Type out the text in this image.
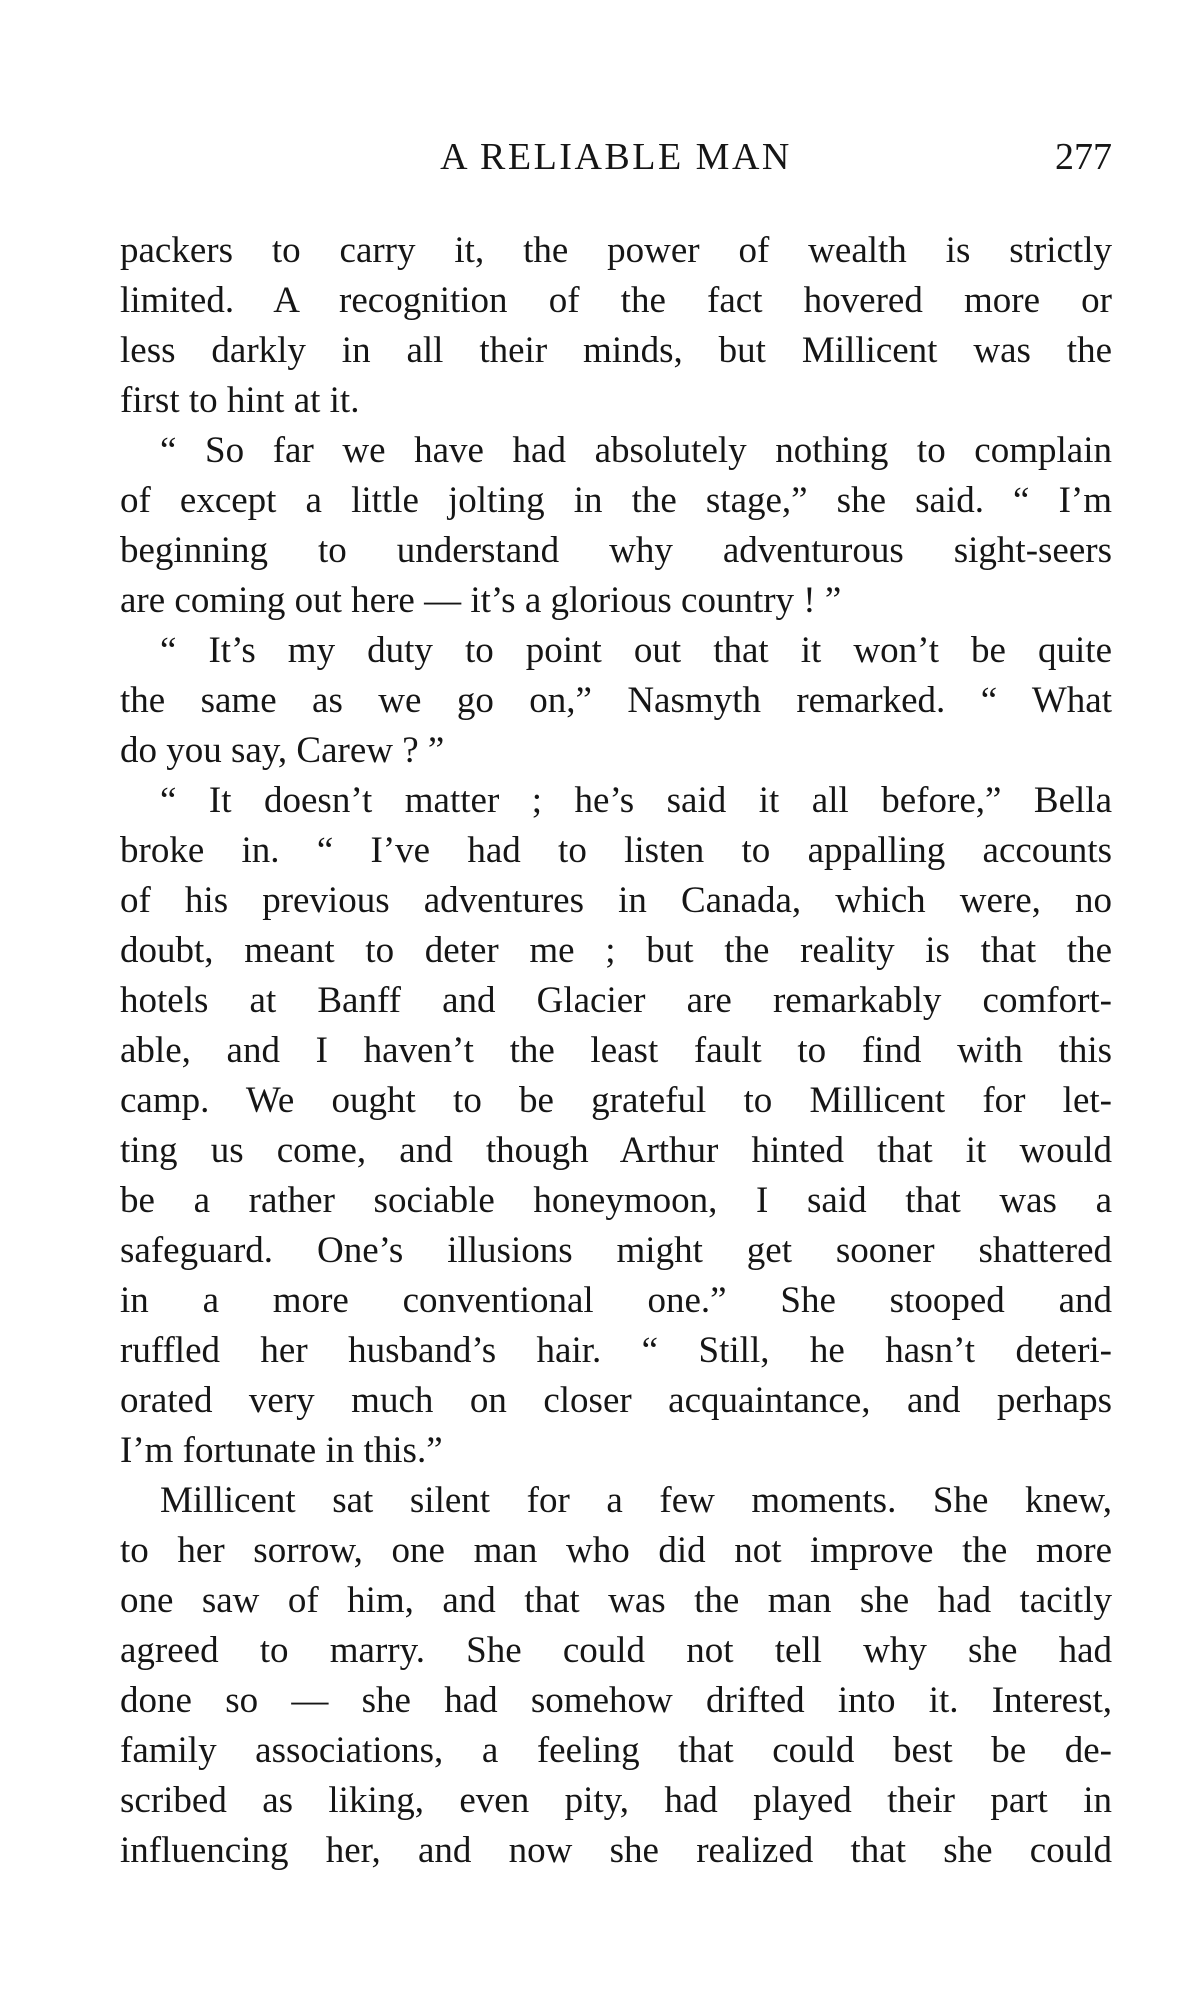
A RELIABLE MAN	277
packers to carry it, the power of wealth is strictly
limited. A recognition of the fact hovered more or
less darkly in all their minds, but Millicent was the
first to hint at it.
“ So far we have had absolutely nothing to complain
of except a little jolting in the stage,” she said. “ I’m
beginning to understand why adventurous sight-seers
are coming out here — it’s a glorious country ! ”
“ It’s my duty to point out that it won’t be quite
the same as we go on,” Nasmyth remarked. “ What
do you say, Carew ? ”
“ It doesn’t matter ; he’s said it all before,” Bella
broke in. “ I’ve had to listen to appalling accounts
of his previous adventures in Canada, which were, no
doubt, meant to deter me ; but the reality is that the
hotels at Banff and Glacier are remarkably comfort-
able, and I haven’t the least fault to find with this
camp. We ought to be grateful to Millicent for let-
ting us come, and though Arthur hinted that it would
be a rather sociable honeymoon, I said that was a
safeguard. One’s illusions might get sooner shattered
in a more conventional one.” She stooped and
ruffled her husband’s hair. “ Still, he hasn’t deteri-
orated very much on closer acquaintance, and perhaps
I’m fortunate in this.”
Millicent sat silent for a few moments. She knew,
to her sorrow, one man who did not improve the more
one saw of him, and that was the man she had tacitly
agreed to marry. She could not tell why she had
done so — she had somehow drifted into it. Interest,
family associations, a feeling that could best be de-
scribed as liking, even pity, had played their part in
influencing her, and now she realized that she could
